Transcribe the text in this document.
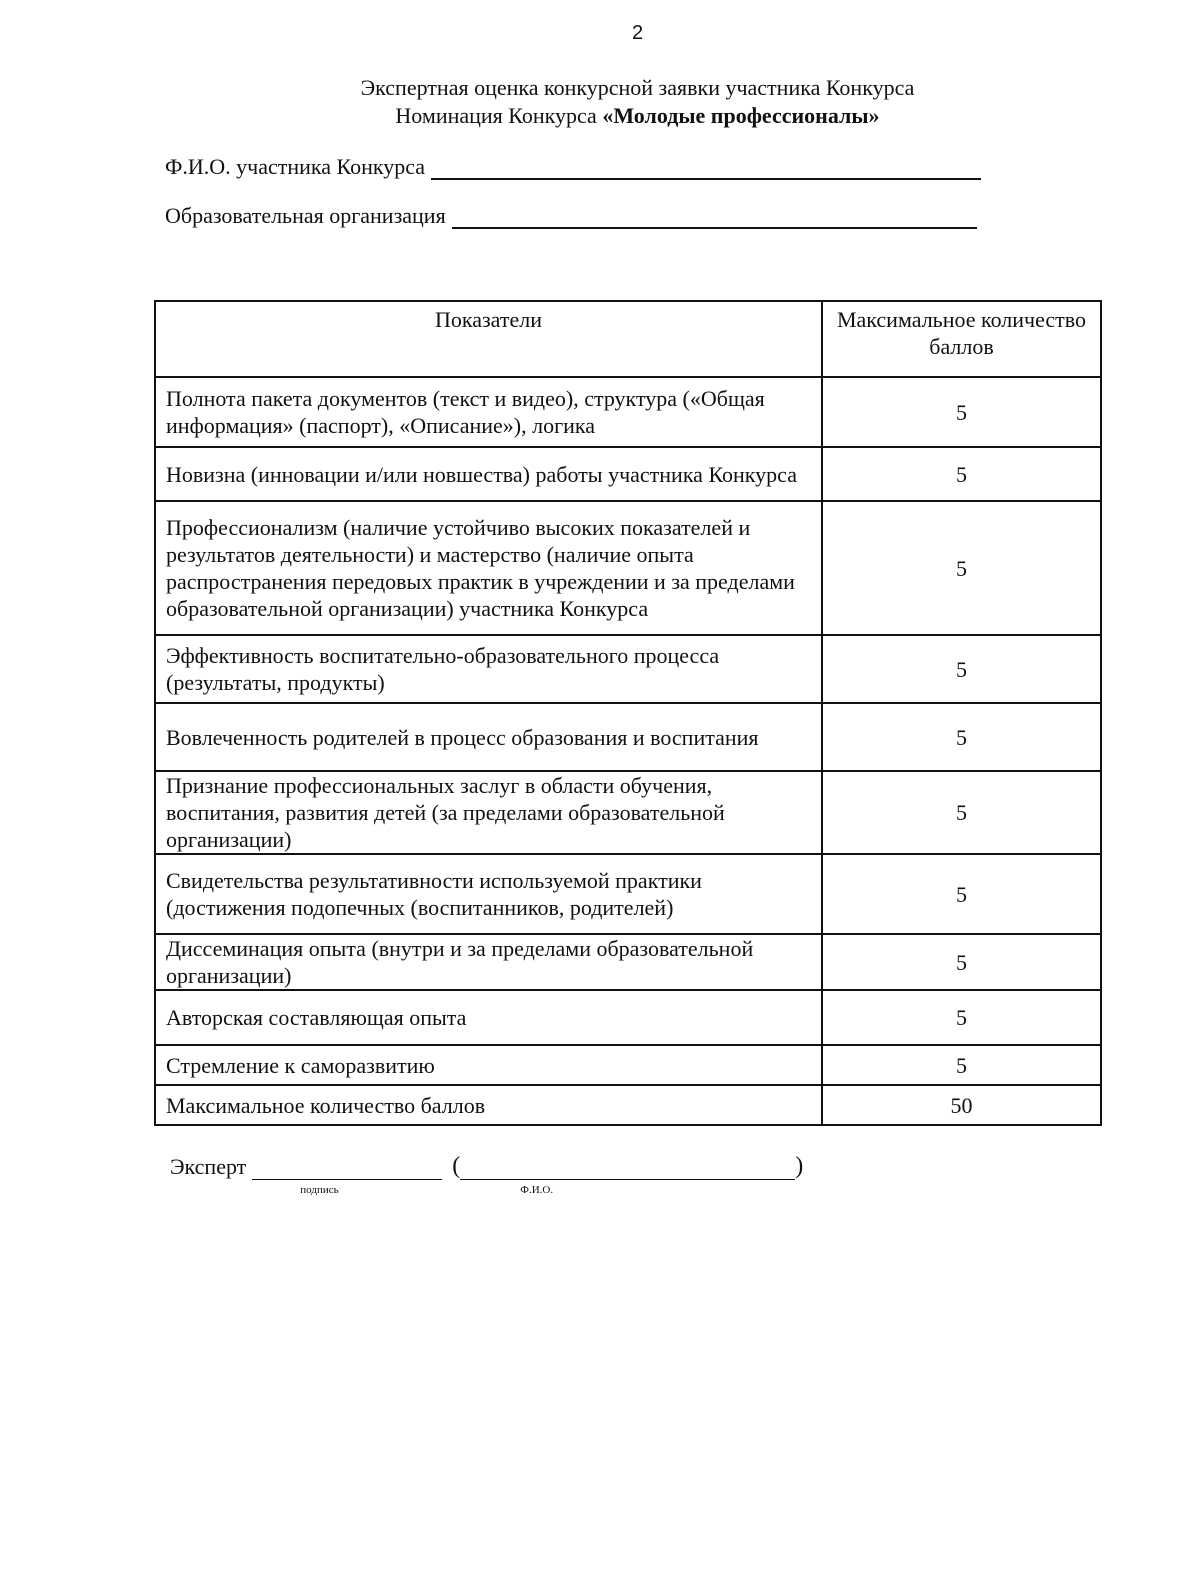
2
Экспертная оценка конкурсной заявки участника Конкурса
Номинация Конкурса «Молодые профессионалы»
Ф.И.О. участника Конкурса
Образовательная организация
Показатели	Максимальное количество баллов
Полнота пакета документов (текст и видео), структура («Общая информация» (паспорт), «Описание»), логика	5
Новизна (инновации и/или новшества) работы участника Конкурса	5
Профессионализм (наличие устойчиво высоких показателей и результатов деятельности) и мастерство (наличие опыта распространения передовых практик в учреждении и за пределами образовательной организации) участника Конкурса	5
Эффективность воспитательно-образовательного процесса (результаты, продукты)	5
Вовлеченность родителей в процесс образования и воспитания	5
Признание профессиональных заслуг в области обучения, воспитания, развития детей (за пределами образовательной организации)	5
Свидетельства результативности используемой практики (достижения подопечных (воспитанников, родителей)	5
Диссеминация опыта (внутри и за пределами образовательной организации)	5
Авторская составляющая опыта	5
Стремление к саморазвитию	5
Максимальное количество баллов	50
Эксперт
подпись
(
Ф.И.О.
)
